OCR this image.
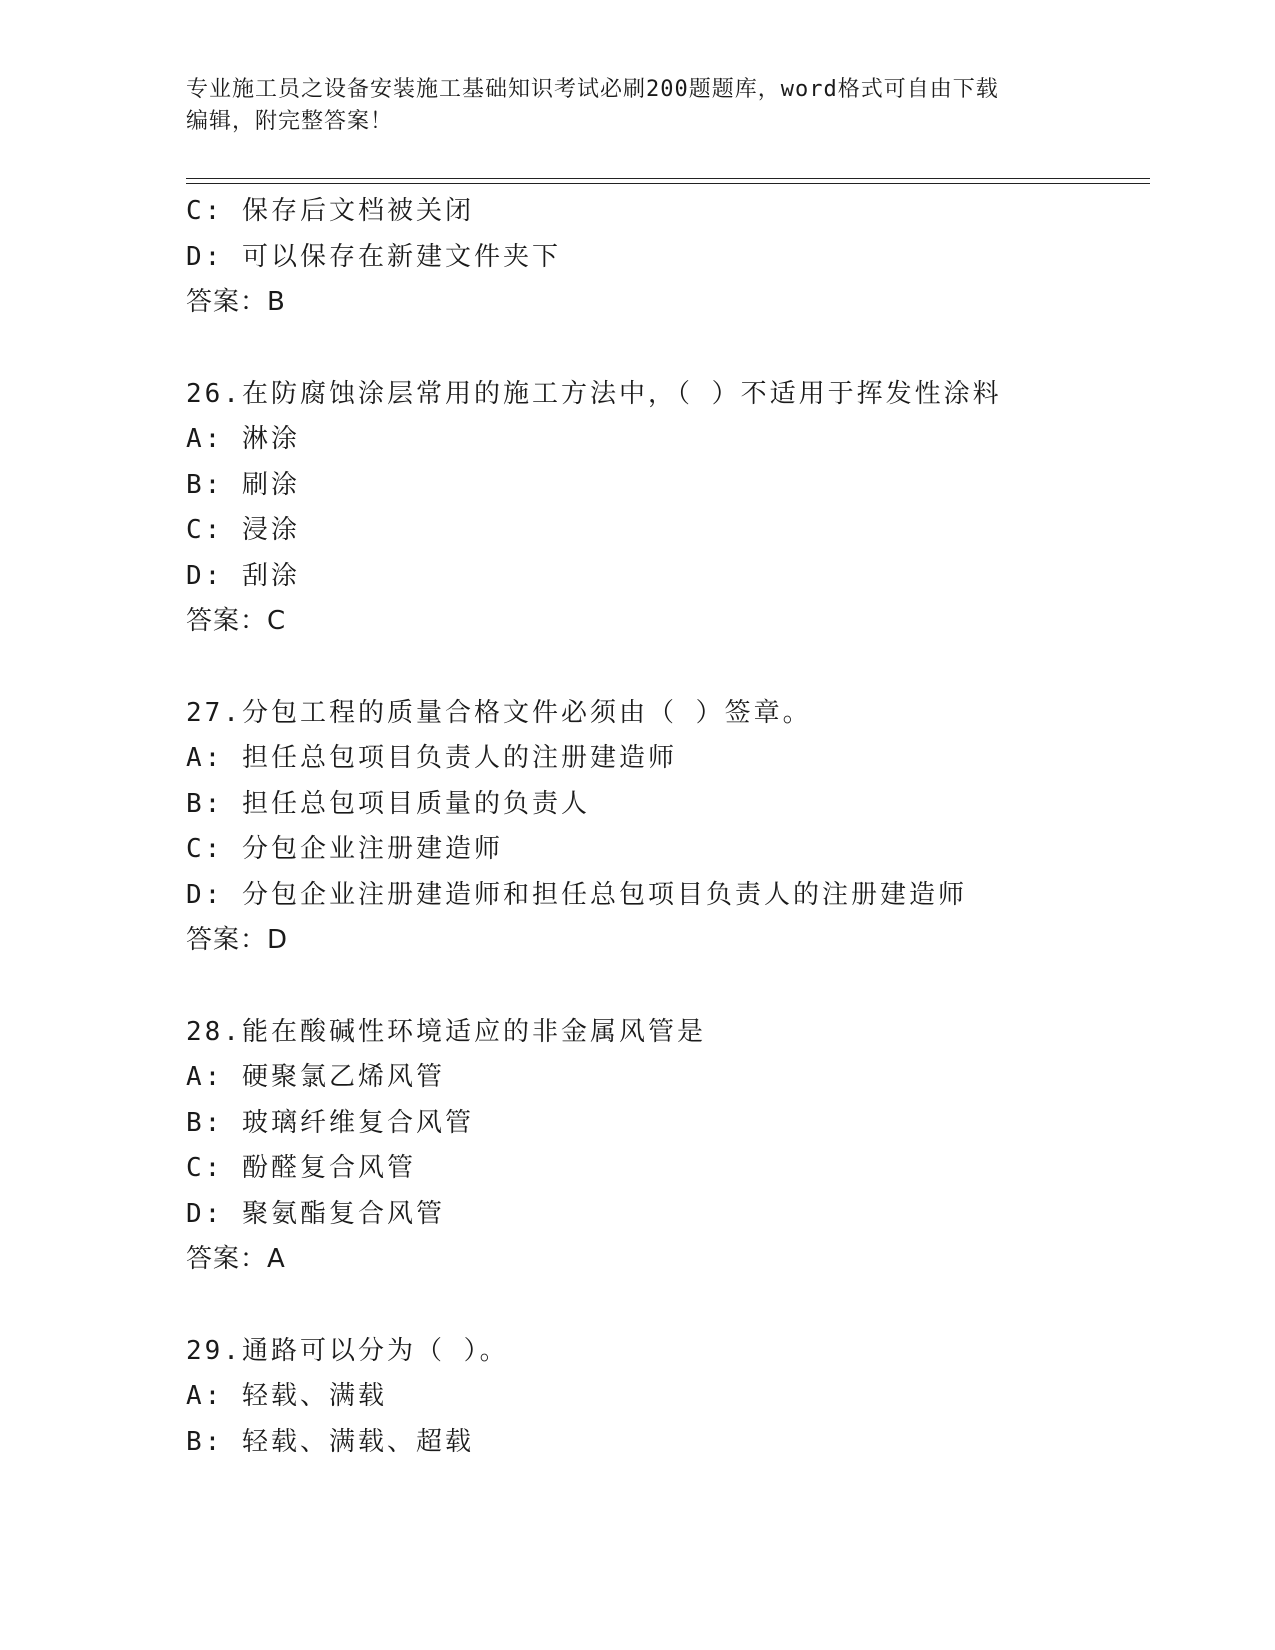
专业施工员之设备安装施工基础知识考试必刷200题题库，word格式可自由下载
编辑，附完整答案！
C: 保存后文档被关闭
D: 可以保存在新建文件夹下
答案：B
26.在防腐蚀涂层常用的施工方法中，（ ）不适用于挥发性涂料
A: 淋涂
B: 刷涂
C: 浸涂
D: 刮涂
答案：C
27.分包工程的质量合格文件必须由（ ）签章。
A: 担任总包项目负责人的注册建造师
B: 担任总包项目质量的负责人
C: 分包企业注册建造师
D: 分包企业注册建造师和担任总包项目负责人的注册建造师
答案：D
28.能在酸碱性环境适应的非金属风管是
A: 硬聚氯乙烯风管
B: 玻璃纤维复合风管
C: 酚醛复合风管
D: 聚氨酯复合风管
答案：A
29.通路可以分为（ ）。
A: 轻载、满载
B: 轻载、满载、超载
